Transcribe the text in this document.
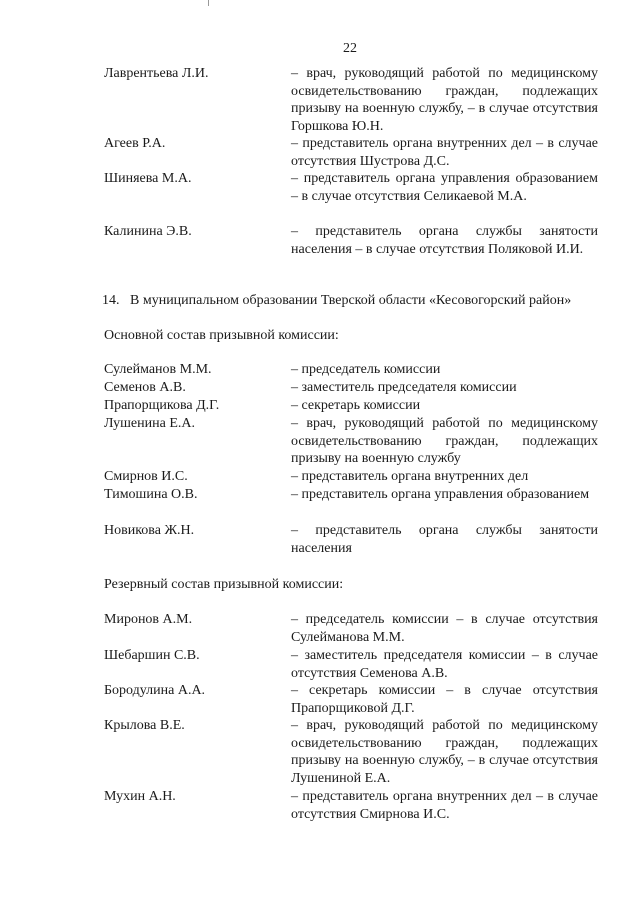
22
Лаврентьева Л.И.	– врач, руководящий работой по медицинскому освидетельствованию граждан, подлежащих призыву на военную службу, – в случае отсутствия Горшкова Ю.Н.
Агеев Р.А.	– представитель органа внутренних дел – в случае отсутствия Шустрова Д.С.
Шиняева М.А.	– представитель органа управления образованием – в случае отсутствия Селикаевой М.А.
Калинина Э.В.	– представитель органа службы занятости населения – в случае отсутствия Поляковой И.И.
14. В муниципальном образовании Тверской области «Кесовогорский район»
Основной состав призывной комиссии:
Сулейманов М.М.	– председатель комиссии
Семенов А.В.	– заместитель председателя комиссии
Прапорщикова Д.Г.	– секретарь комиссии
Лушенина Е.А.	– врач, руководящий работой по медицинскому освидетельствованию граждан, подлежащих призыву на военную службу
Смирнов И.С.	– представитель органа внутренних дел
Тимошина О.В.	– представитель органа управления образованием
Новикова Ж.Н.	– представитель органа службы занятости населения
Резервный состав призывной комиссии:
Миронов А.М.	– председатель комиссии – в случае отсутствия Сулейманова М.М.
Шебаршин С.В.	– заместитель председателя комиссии – в случае отсутствия Семенова А.В.
Бородулина А.А.	– секретарь комиссии – в случае отсутствия Прапорщиковой Д.Г.
Крылова В.Е.	– врач, руководящий работой по медицинскому освидетельствованию граждан, подлежащих призыву на военную службу, – в случае отсутствия Лушениной Е.А.
Мухин А.Н.	– представитель органа внутренних дел – в случае отсутствия Смирнова И.С.
